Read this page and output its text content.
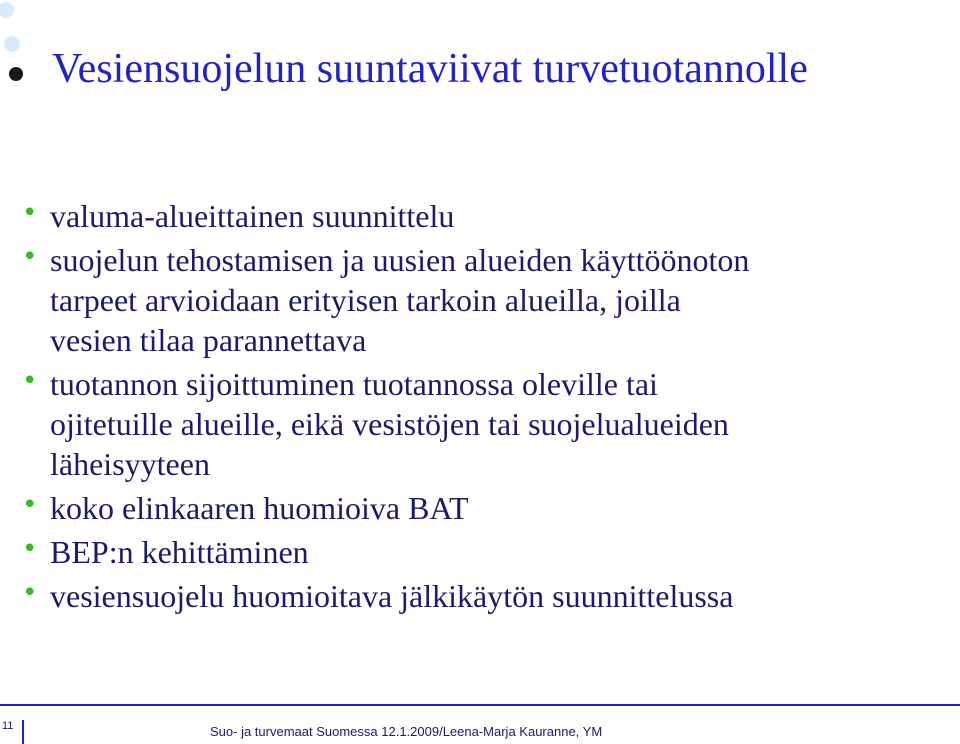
Vesiensuojelun suuntaviivat turvetuotannolle
• valuma-alueittainen suunnittelu
• suojelun tehostamisen ja uusien alueiden käyttöönoton
tarpeet arvioidaan erityisen tarkoin alueilla, joilla
vesien tilaa parannettava
• tuotannon sijoittuminen tuotannossa oleville tai
ojitetuille alueille, eikä vesistöjen tai suojelualueiden
läheisyyteen
• koko elinkaaren huomioiva BAT
• BEP:n kehittäminen
• vesiensuojelu huomioitava jälkikäytön suunnittelussa
11	Suo- ja turvemaat Suomessa 12.1.2009/Leena-Marja Kauranne, YM
